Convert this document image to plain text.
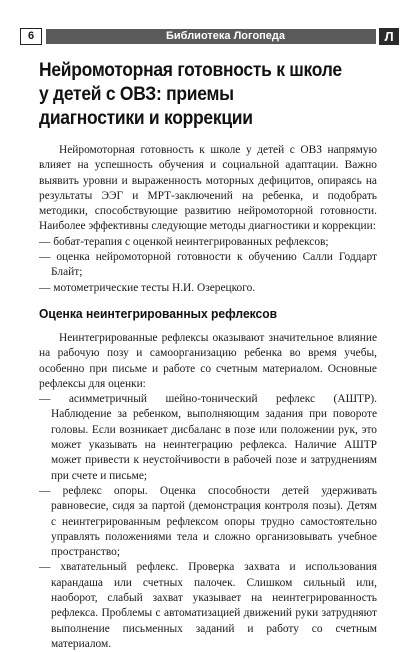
6	Библиотека Логопеда	Л
Нейромоторная готовность к школе у детей с ОВЗ: приемы диагностики и коррекции

Нейромоторная готовность к школе у детей с ОВЗ напрямую влияет на успешность обучения и социальной адаптации. Важно выявить уровни и выраженность моторных дефицитов, опираясь на результаты ЭЭГ и МРТ-заключений на ребенка, и подобрать методики, способствующие развитию нейромоторной готовности. Наиболее эффективны следующие методы диагностики и коррекции:

— бобат-терапия с оценкой неинтегрированных рефлексов;

— оценка нейромоторной готовности к обучению Салли Годдарт Блайт;

— мотометрические тесты Н.И. Озерецкого.

Оценка неинтегрированных рефлексов

Неинтегрированные рефлексы оказывают значительное влияние на рабочую позу и самоорганизацию ребенка во время учебы, особенно при письме и работе со счетным материалом. Основные рефлексы для оценки:

— асимметричный шейно-тонический рефлекс (АШТР). Наблюдение за ребенком, выполняющим задания при повороте головы. Если возникает дисбаланс в позе или положении рук, это может указывать на неинтеграцию рефлекса. Наличие АШТР может привести к неустойчивости в рабочей позе и затруднениям при счете и письме;

— рефлекс опоры. Оценка способности детей удерживать равновесие, сидя за партой (демонстрация контроля позы). Детям с неинтегрированным рефлексом опоры трудно самостоятельно управлять положениями тела и сложно организовывать учебное пространство;

— хватательный рефлекс. Проверка захвата и использования карандаша или счетных палочек. Слишком сильный или, наоборот, слабый захват указывает на неинтегрированность рефлекса. Проблемы с автоматизацией движений руки затрудняют выполнение письменных заданий и работу со счетным материалом.
